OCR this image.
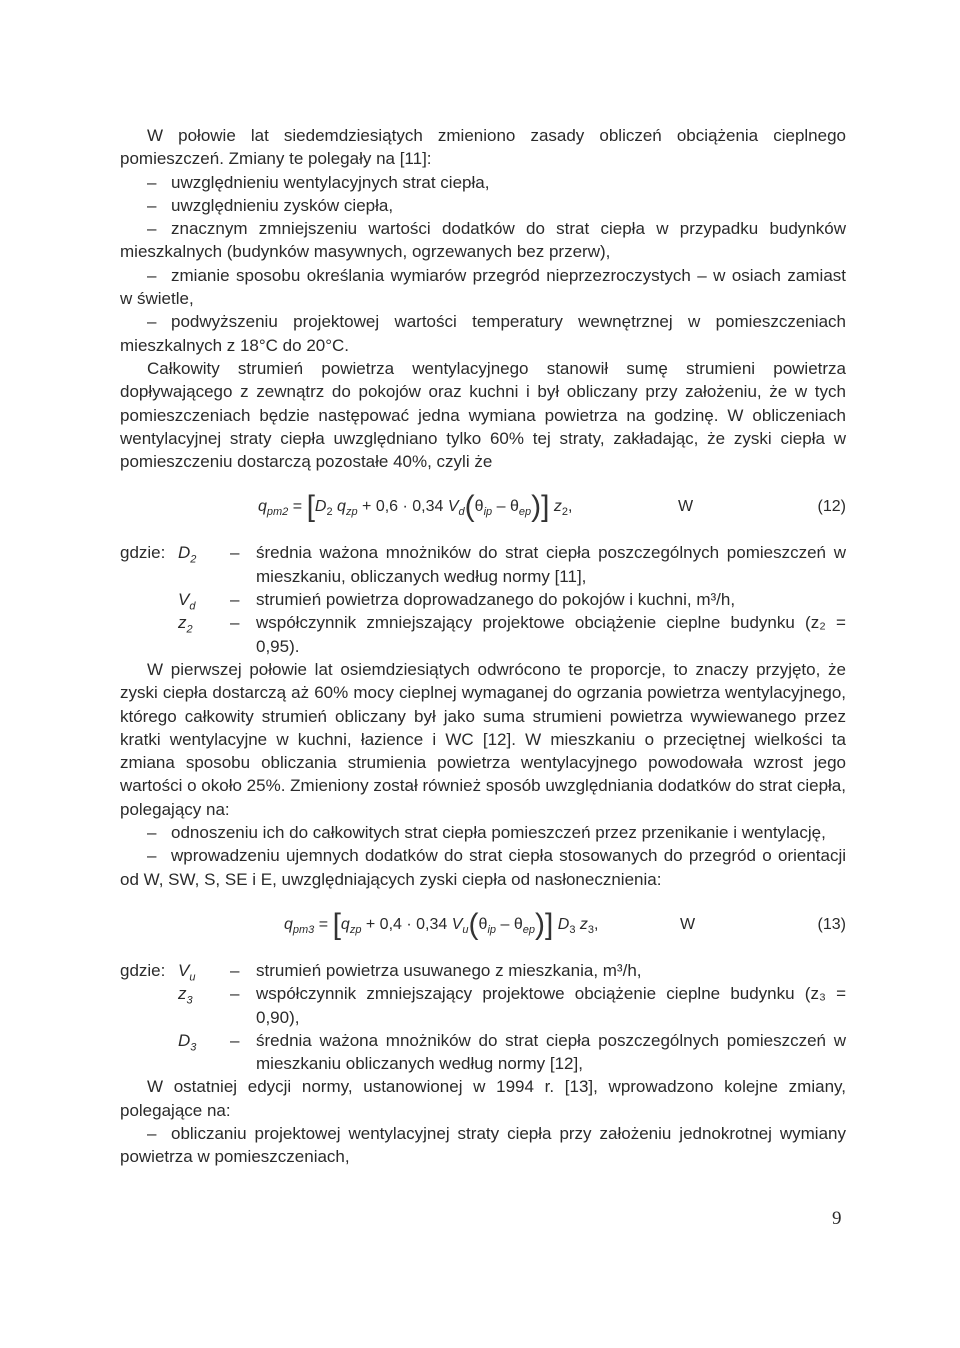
W połowie lat siedemdziesiątych zmieniono zasady obliczeń obciążenia cieplnego pomieszczeń. Zmiany te polegały na [11]:

– uwzględnieniu wentylacyjnych strat ciepła,

– uwzględnieniu zysków ciepła,

– znacznym zmniejszeniu wartości dodatków do strat ciepła w przypadku budynków mieszkalnych (budynków masywnych, ogrzewanych bez przerw),

– zmianie sposobu określania wymiarów przegród nieprzezroczystych – w osiach zamiast w świetle,

– podwyższeniu projektowej wartości temperatury wewnętrznej w pomieszczeniach mieszkalnych z 18°C do 20°C.

Całkowity strumień powietrza wentylacyjnego stanowił sumę strumieni powietrza dopływającego z zewnątrz do pokojów oraz kuchni i był obliczany przy założeniu, że w tych pomieszczeniach będzie następować jedna wymiana powietrza na godzinę. W obliczeniach wentylacyjnej straty ciepła uwzględniano tylko 60% tej straty, zakładając, że zyski ciepła w pomieszczeniu dostarczą pozostałe 40%, czyli że

$q_{pm2} = [D_2$ $q_{zp} + 0,6 \cdot 0,34$ $V_d(\theta_{ip} - \theta_{ep})$] $z_2$,	W	(12)
gdzie: $D_2$	– średnia ważona mnożników do strat ciepła poszczególnych pomieszczeń w mieszkaniu, obliczanych według normy [11],
$V_d$	– strumień powietrza doprowadzanego do pokojów i kuchni, m³/h,
$z_2$	– współczynnik zmniejszający projektowe obciążenie cieplne budynku (z₂ = 0,95).

W pierwszej połowie lat osiemdziesiątych odwrócono te proporcje, to znaczy przyjęto, że zyski ciepła dostarczą aż 60% mocy cieplnej wymaganej do ogrzania powietrza wentylacyjnego, którego całkowity strumień obliczany był jako suma strumieni powietrza wywiewanego przez kratki wentylacyjne w kuchni, łazience i WC [12]. W mieszkaniu o przeciętnej wielkości ta zmiana sposobu obliczania strumienia powietrza wentylacyjnego powodowała wzrost jego wartości o około 25%. Zmieniony został również sposób uwzględniania dodatków do strat ciepła, polegający na:

– odnoszeniu ich do całkowitych strat ciepła pomieszczeń przez przenikanie i wentylację,

– wprowadzeniu ujemnych dodatków do strat ciepła stosowanych do przegród o orientacji od W, SW, S, SE i E, uwzględniających zyski ciepła od nasłonecznienia:

$q_{pm3} = [q_{zp} + 0,4 \cdot 0,34$ $V_u(\theta_{ip} - \theta_{ep})$] $D_3$ $z_3$,	W	(13)
gdzie: $V_u$	– strumień powietrza usuwanego z mieszkania, m³/h,
$z_3$	– współczynnik zmniejszający projektowe obciążenie cieplne budynku (z₃ = 0,90),
$D_3$	– średnia ważona mnożników do strat ciepła poszczególnych pomieszczeń w mieszkaniu obliczanych według normy [12],

W ostatniej edycji normy, ustanowionej w 1994 r. [13], wprowadzono kolejne zmiany, polegające na:

– obliczaniu projektowej wentylacyjnej straty ciepła przy założeniu jednokrotnej wymiany powietrza w pomieszczeniach,

9
